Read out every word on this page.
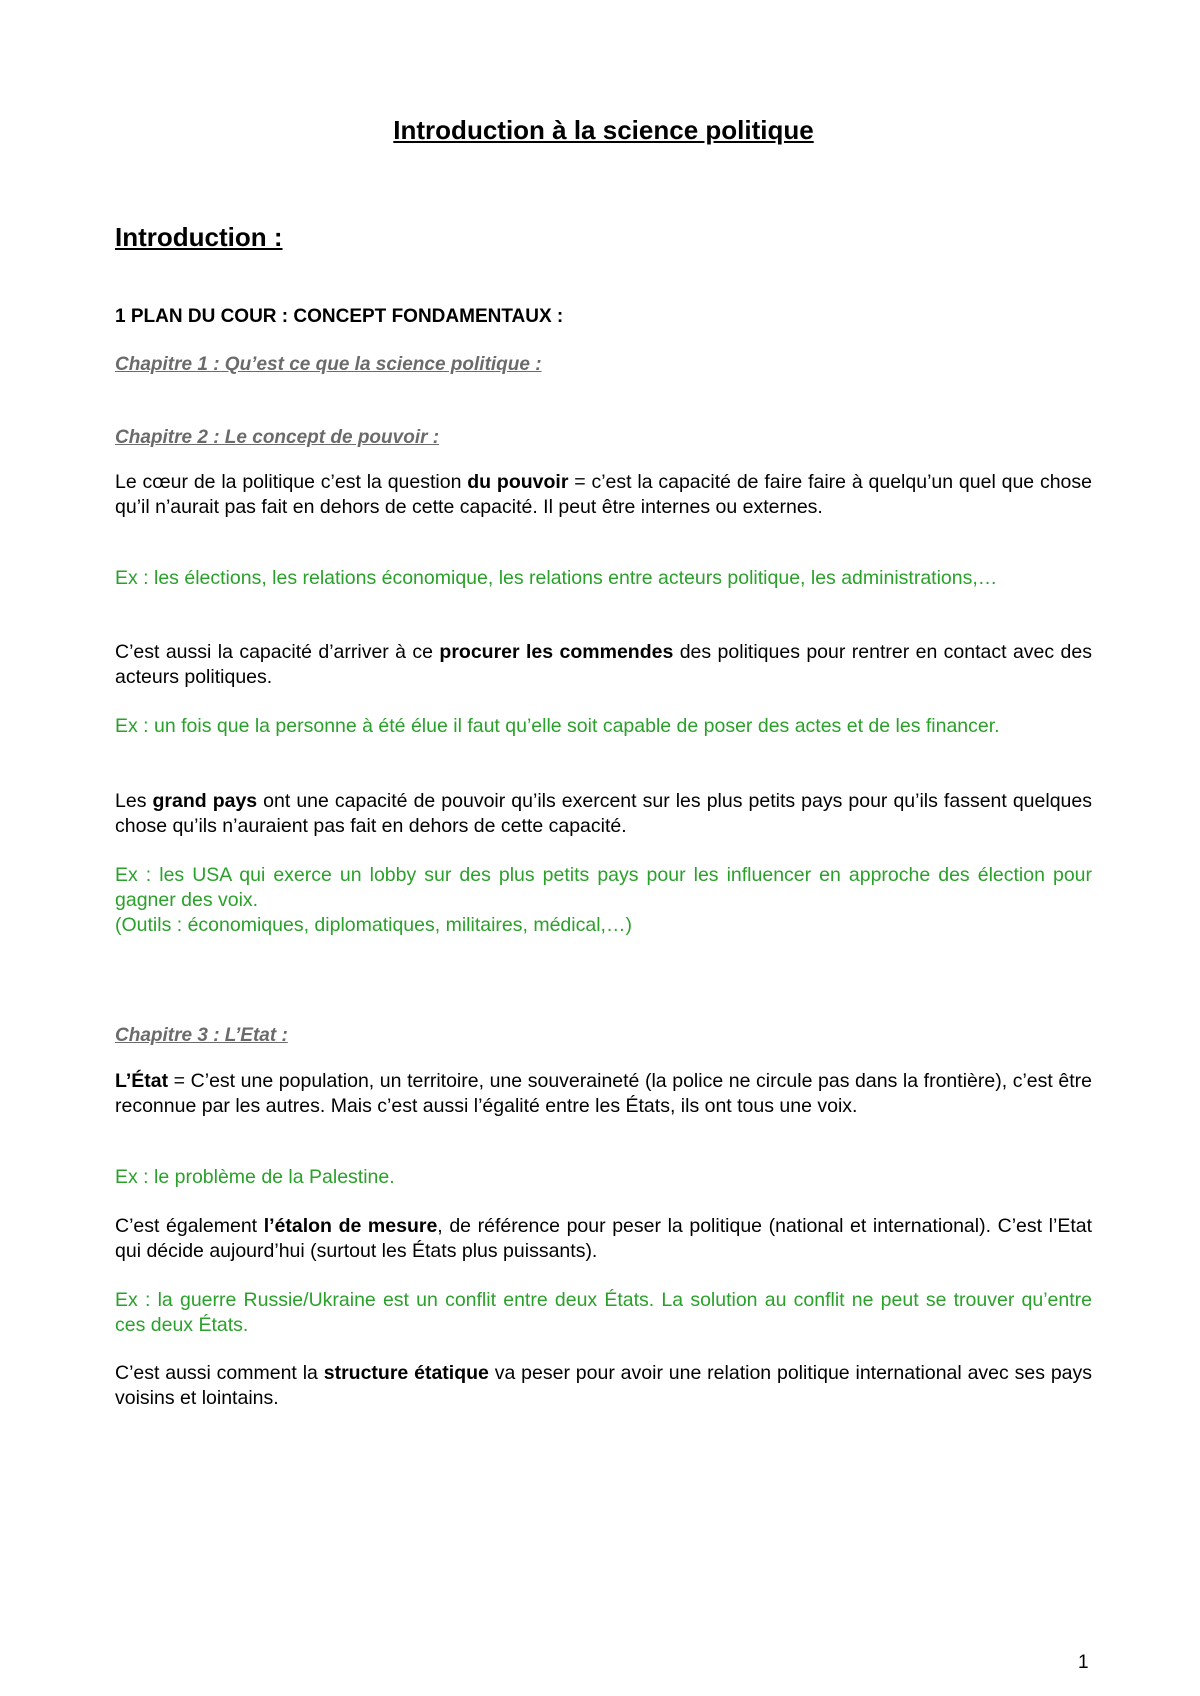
Introduction à la science politique
Introduction :

1 PLAN DU COUR : CONCEPT FONDAMENTAUX :

Chapitre 1 : Qu’est ce que la science politique :

Chapitre 2 : Le concept de pouvoir :

Le cœur de la politique c’est la question du pouvoir = c’est la capacité de faire faire à quelqu’un quel que chose qu’il n’aurait pas fait en dehors de cette capacité. Il peut être internes ou externes.

Ex : les élections, les relations économique, les relations entre acteurs politique, les administrations,…

C’est aussi la capacité d’arriver à ce procurer les commendes des politiques pour rentrer en contact avec des acteurs politiques.

Ex : un fois que la personne à été élue il faut qu’elle soit capable de poser des actes et de les financer.

Les grand pays ont une capacité de pouvoir qu’ils exercent sur les plus petits pays pour qu’ils fassent quelques chose qu’ils n’auraient pas fait en dehors de cette capacité.

Ex : les USA qui exerce un lobby sur des plus petits pays pour les influencer en approche des élection pour gagner des voix.

(Outils : économiques, diplomatiques, militaires, médical,…)

Chapitre 3 : L’Etat :

L’État = C’est une population, un territoire, une souveraineté (la police ne circule pas dans la frontière), c’est être reconnue par les autres. Mais c’est aussi l’égalité entre les États, ils ont tous une voix.

Ex : le problème de la Palestine.

C’est également l’étalon de mesure, de référence pour peser la politique (national et international). C’est l’Etat qui décide aujourd’hui (surtout les États plus puissants).

Ex : la guerre Russie/Ukraine est un conflit entre deux États. La solution au conflit ne peut se trouver qu’entre ces deux États.

C’est aussi comment la structure étatique va peser pour avoir une relation politique international avec ses pays voisins et lointains.

1
